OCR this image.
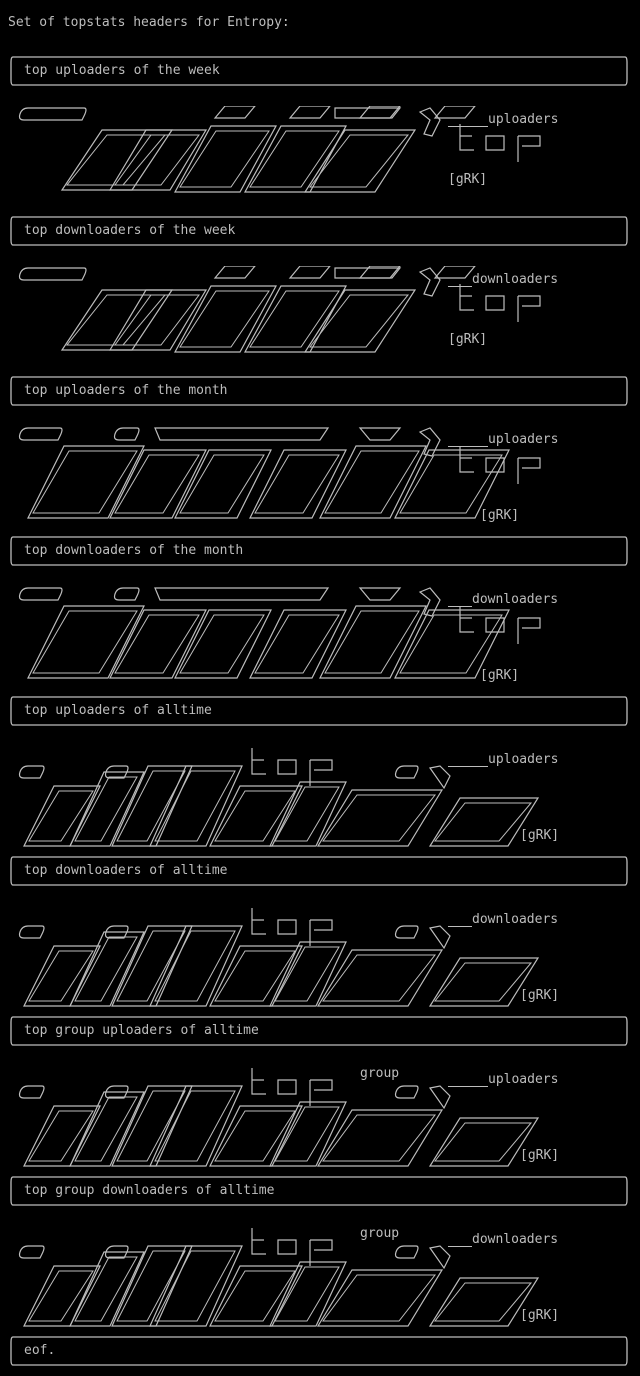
Set of topstats headers for Entropy:
top uploaders of the week
uploaders
[gRK]
top downloaders of the week
downloaders
[gRK]
top uploaders of the month
uploaders
[gRK]
top downloaders of the month
downloaders
[gRK]
top uploaders of alltime
uploaders
[gRK]
top downloaders of alltime
downloaders
[gRK]
top group uploaders of alltime
uploaders
group
[gRK]
top group downloaders of alltime
downloaders
group
[gRK]
eof.
